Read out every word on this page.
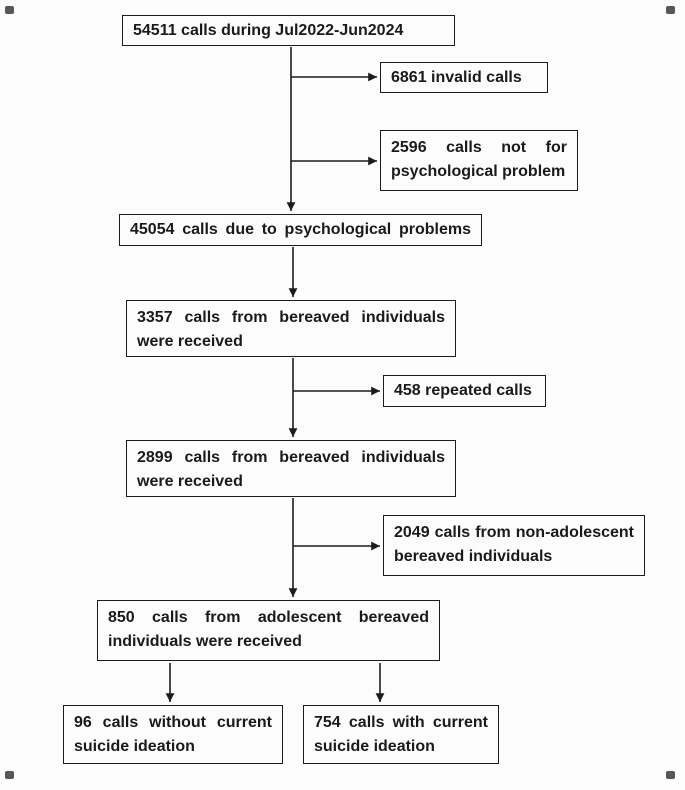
54511 calls during Jul2022-Jun2024
6861 invalid calls
2596 calls not for
psychological problem
45054 calls due to psychological problems
3357 calls from bereaved individuals
were received
458 repeated calls
2899 calls from bereaved individuals
were received
2049 calls from non-adolescent
bereaved individuals
850 calls from adolescent bereaved
individuals were received
96 calls without current
suicide ideation
754 calls with current
suicide ideation
